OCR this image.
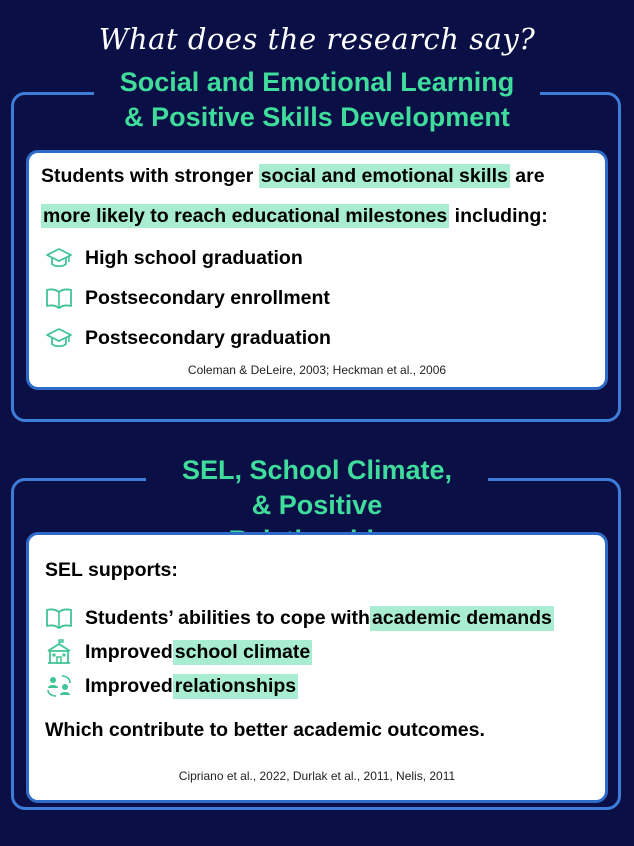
What does the research say?
Social and Emotional Learning
& Positive Skills Development
Students with stronger social and emotional skills are
more likely to reach educational milestones including:
High school graduation
Postsecondary enrollment
Postsecondary graduation
Coleman & DeLeire, 2003; Heckman et al., 2006
SEL, School Climate,
& Positive
SEL supports:
Students’ abilities to cope with academic demands
Improved school climate
Improved relationships
Which contribute to better academic outcomes.
Cipriano et al., 2022, Durlak et al., 2011, Nelis, 2011
